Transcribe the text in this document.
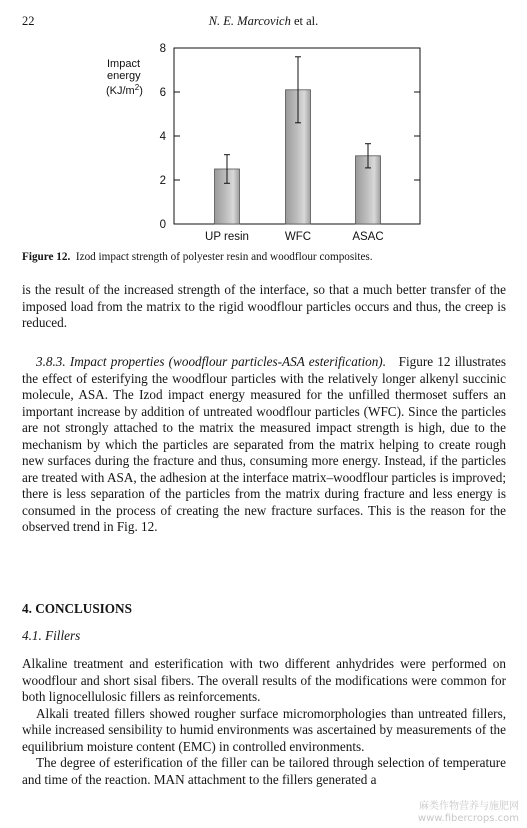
22	N. E. Marcovich et al.
0
2
4
6
8
Impact
energy
$(KJ/m^2)$
UP resin	WFC	ASAC
Figure 12. Izod impact strength of polyester resin and woodflour composites.

is the result of the increased strength of the interface, so that a much better transfer of the imposed load from the matrix to the rigid woodflour particles occurs and thus, the creep is reduced.

3.8.3. Impact properties (woodflour particles-ASA esterification). Figure 12 illustrates the effect of esterifying the woodflour particles with the relatively longer alkenyl succinic molecule, ASA. The Izod impact energy measured for the unfilled thermoset suffers an important increase by addition of untreated woodflour particles (WFC). Since the particles are not strongly attached to the matrix the measured impact strength is high, due to the mechanism by which the particles are separated from the matrix helping to create rough new surfaces during the fracture and thus, consuming more energy. Instead, if the particles are treated with ASA, the adhesion at the interface matrix–woodflour particles is improved; there is less separation of the particles from the matrix during fracture and less energy is consumed in the process of creating the new fracture surfaces. This is the reason for the observed trend in Fig. 12.

4. CONCLUSIONS
4.1. Fillers

Alkaline treatment and esterification with two different anhydrides were performed on woodflour and short sisal fibers. The overall results of the modifications were common for both lignocellulosic fillers as reinforcements.

Alkali treated fillers showed rougher surface micromorphologies than untreated fillers, while increased sensibility to humid environments was ascertained by measurements of the equilibrium moisture content (EMC) in controlled environments.

The degree of esterification of the filler can be tailored through selection of temperature and time of the reaction. MAN attachment to the fillers generated a

麻类作物营养与施肥网
www.fibercrops.com
